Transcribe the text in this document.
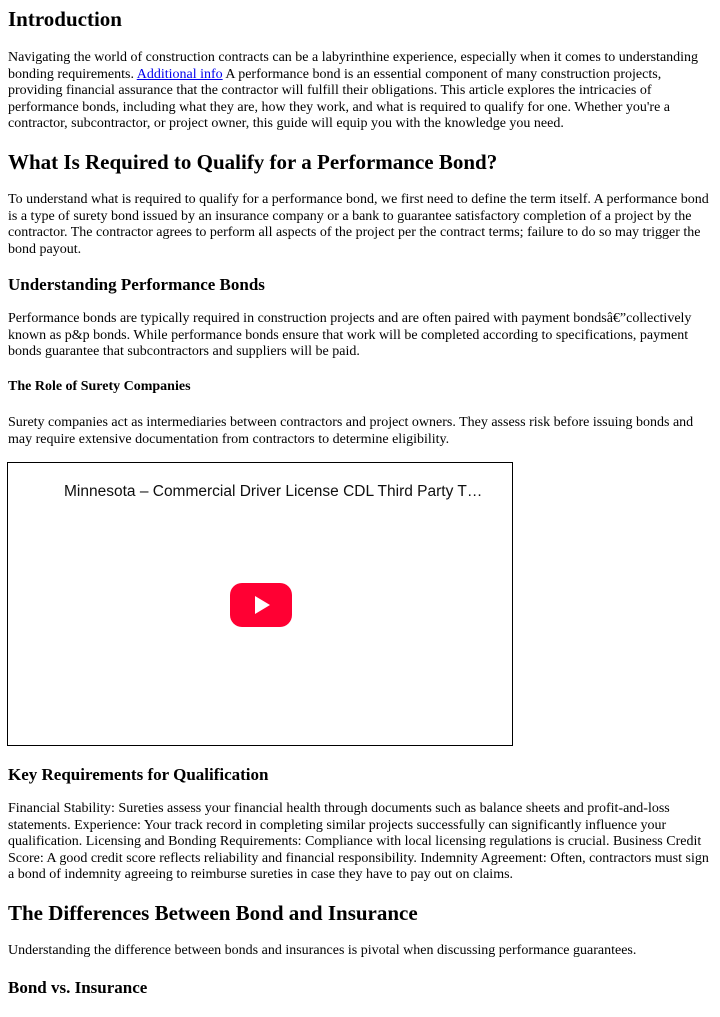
Introduction

Navigating the world of construction contracts can be a labyrinthine experience, especially when it comes to understanding bonding requirements. Additional info A performance bond is an essential component of many construction projects, providing financial assurance that the contractor will fulfill their obligations. This article explores the intricacies of performance bonds, including what they are, how they work, and what is required to qualify for one. Whether you're a contractor, subcontractor, or project owner, this guide will equip you with the knowledge you need.

What Is Required to Qualify for a Performance Bond?

To understand what is required to qualify for a performance bond, we first need to define the term itself. A performance bond is a type of surety bond issued by an insurance company or a bank to guarantee satisfactory completion of a project by the contractor. The contractor agrees to perform all aspects of the project per the contract terms; failure to do so may trigger the bond payout.

Understanding Performance Bonds

Performance bonds are typically required in construction projects and are often paired with payment bondsâ€”collectively known as p&p bonds. While performance bonds ensure that work will be completed according to specifications, payment bonds guarantee that subcontractors and suppliers will be paid.

The Role of Surety Companies

Surety companies act as intermediaries between contractors and project owners. They assess risk before issuing bonds and may require extensive documentation from contractors to determine eligibility.

Minnesota – Commercial Driver License CDL Third Party T…
Key Requirements for Qualification

Financial Stability: Sureties assess your financial health through documents such as balance sheets and profit-and-loss statements. Experience: Your track record in completing similar projects successfully can significantly influence your qualification. Licensing and Bonding Requirements: Compliance with local licensing regulations is crucial. Business Credit Score: A good credit score reflects reliability and financial responsibility. Indemnity Agreement: Often, contractors must sign a bond of indemnity agreeing to reimburse sureties in case they have to pay out on claims.

The Differences Between Bond and Insurance

Understanding the difference between bonds and insurances is pivotal when discussing performance guarantees.

Bond vs. Insurance
